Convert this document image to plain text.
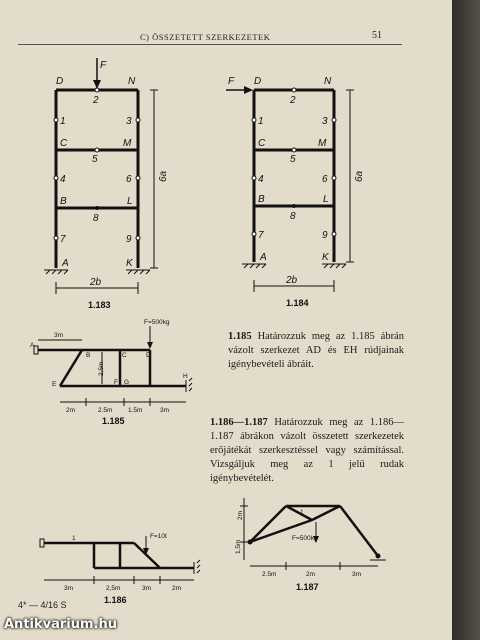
C) ÖSSZETETT SZERKEZETEK	51
F
D	N
C	M
B	L
A	K
1
2
3
4
5
6
7
8
9
2b
6a
1.183
F D	N
C	M
B	L
A	K
1
2
3
4
5
6
7
8
9
2b
6a
1.184
3m
F=500kg
2m	2.5m 1.5m	3m
2,5m
A
B	C	D
E	F G
H
1.185
1	F=10t
3m	2,5m	3m	2m
1.186
1
F=500kg
2.5m	2m	3m
2m
1,5m
1.187
1.185 Határozzuk meg az 1.185 ábrán vázolt szerkezet AD és EH rúdjainak igénybevételi ábráit.
1.186—1.187 Határozzuk meg az 1.186—1.187 ábrákon vázolt összetett szerkezetek erőjátékát szerkesztéssel vagy számítással. Vizsgáljuk meg az 1 jelű rudak igénybevételét.
4* — 4/16 S
Antikvarium.hu
